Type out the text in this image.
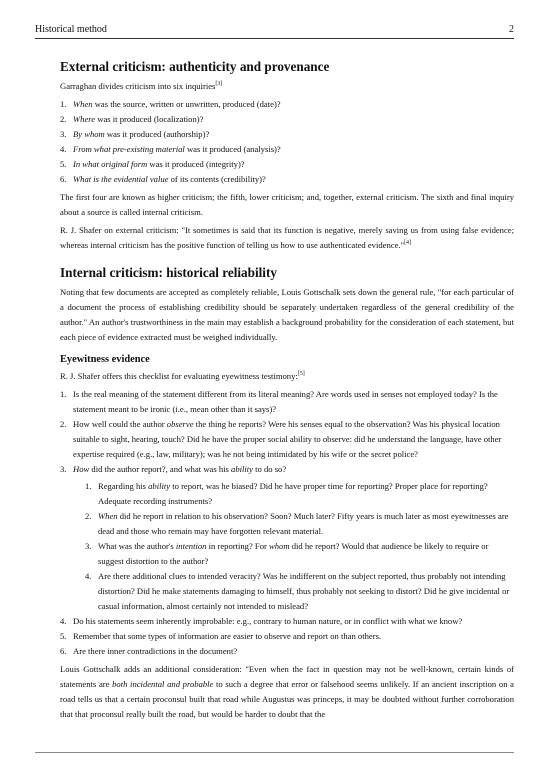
Historical method	2
External criticism: authenticity and provenance

Garraghan divides criticism into six inquiries[3]

1. When was the source, written or unwritten, produced (date)?
2. Where was it produced (localization)?
3. By whom was it produced (authorship)?
4. From what pre-existing material was it produced (analysis)?
5. In what original form was it produced (integrity)?
6. What is the evidential value of its contents (credibility)?

The first four are known as higher criticism; the fifth, lower criticism; and, together, external criticism. The sixth and final inquiry about a source is called internal criticism.

R. J. Shafer on external criticism: "It sometimes is said that its function is negative, merely saving us from using false evidence; whereas internal criticism has the positive function of telling us how to use authenticated evidence."[4]

Internal criticism: historical reliability

Noting that few documents are accepted as completely reliable, Louis Gottschalk sets down the general rule, "for each particular of a document the process of establishing credibility should be separately undertaken regardless of the general credibility of the author." An author's trustworthiness in the main may establish a background probability for the consideration of each statement, but each piece of evidence extracted must be weighed individually.

Eyewitness evidence

R. J. Shafer offers this checklist for evaluating eyewitness testimony:[5]

1. Is the real meaning of the statement different from its literal meaning? Are words used in senses not employed today? Is the statement meant to be ironic (i.e., mean other than it says)?
2. How well could the author observe the thing he reports? Were his senses equal to the observation? Was his physical location suitable to sight, hearing, touch? Did he have the proper social ability to observe: did he understand the language, have other expertise required (e.g., law, military); was he not being intimidated by his wife or the secret police?
3. How did the author report?, and what was his ability to do so?
1. Regarding his ability to report, was he biased? Did he have proper time for reporting? Proper place for reporting? Adequate recording instruments?
2. When did he report in relation to his observation? Soon? Much later? Fifty years is much later as most eyewitnesses are dead and those who remain may have forgotten relevant material.
3. What was the author's intention in reporting? For whom did he report? Would that audience be likely to require or suggest distortion to the author?
4. Are there additional clues to intended veracity? Was he indifferent on the subject reported, thus probably not intending distortion? Did he make statements damaging to himself, thus probably not seeking to distort? Did he give incidental or casual information, almost certainly not intended to mislead?
4. Do his statements seem inherently improbable: e.g., contrary to human nature, or in conflict with what we know?
5. Remember that some types of information are easier to observe and report on than others.
6. Are there inner contradictions in the document?

Louis Gottschalk adds an additional consideration: "Even when the fact in question may not be well-known, certain kinds of statements are both incidental and probable to such a degree that error or falsehood seems unlikely. If an ancient inscription on a road tells us that a certain proconsul built that road while Augustus was princeps, it may be doubted without further corroboration that that proconsul really built the road, but would be harder to doubt that the
